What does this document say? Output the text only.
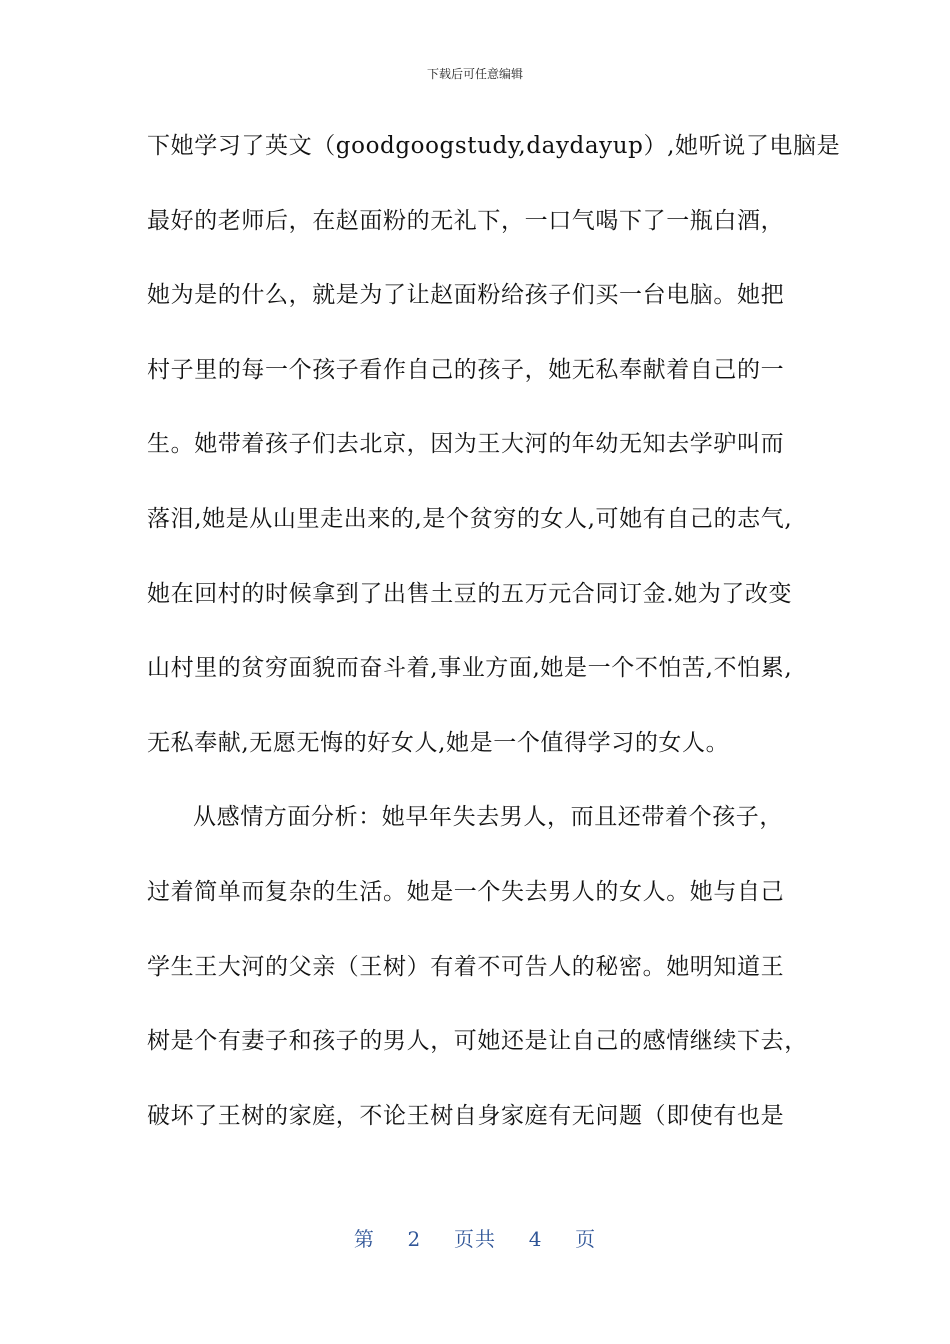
下载后可任意编辑
下她学习了英文（goodgoogstudy,daydayup）,她听说了电脑是
最好的老师后，在赵面粉的无礼下，一口气喝下了一瓶白酒，
她为是的什么，就是为了让赵面粉给孩子们买一台电脑。她把
村子里的每一个孩子看作自己的孩子，她无私奉献着自己的一
生。她带着孩子们去北京，因为王大河的年幼无知去学驴叫而
落泪,她是从山里走出来的,是个贫穷的女人,可她有自己的志气,
她在回村的时候拿到了出售土豆的五万元合同订金.她为了改变
山村里的贫穷面貌而奋斗着,事业方面,她是一个不怕苦,不怕累,
无私奉献,无愿无悔的好女人,她是一个值得学习的女人。
从感情方面分析：她早年失去男人，而且还带着个孩子，
过着简单而复杂的生活。她是一个失去男人的女人。她与自己
学生王大河的父亲（王树）有着不可告人的秘密。她明知道王
树是个有妻子和孩子的男人，可她还是让自己的感情继续下去，
破坏了王树的家庭，不论王树自身家庭有无问题（即使有也是
第 2 页共 4 页
